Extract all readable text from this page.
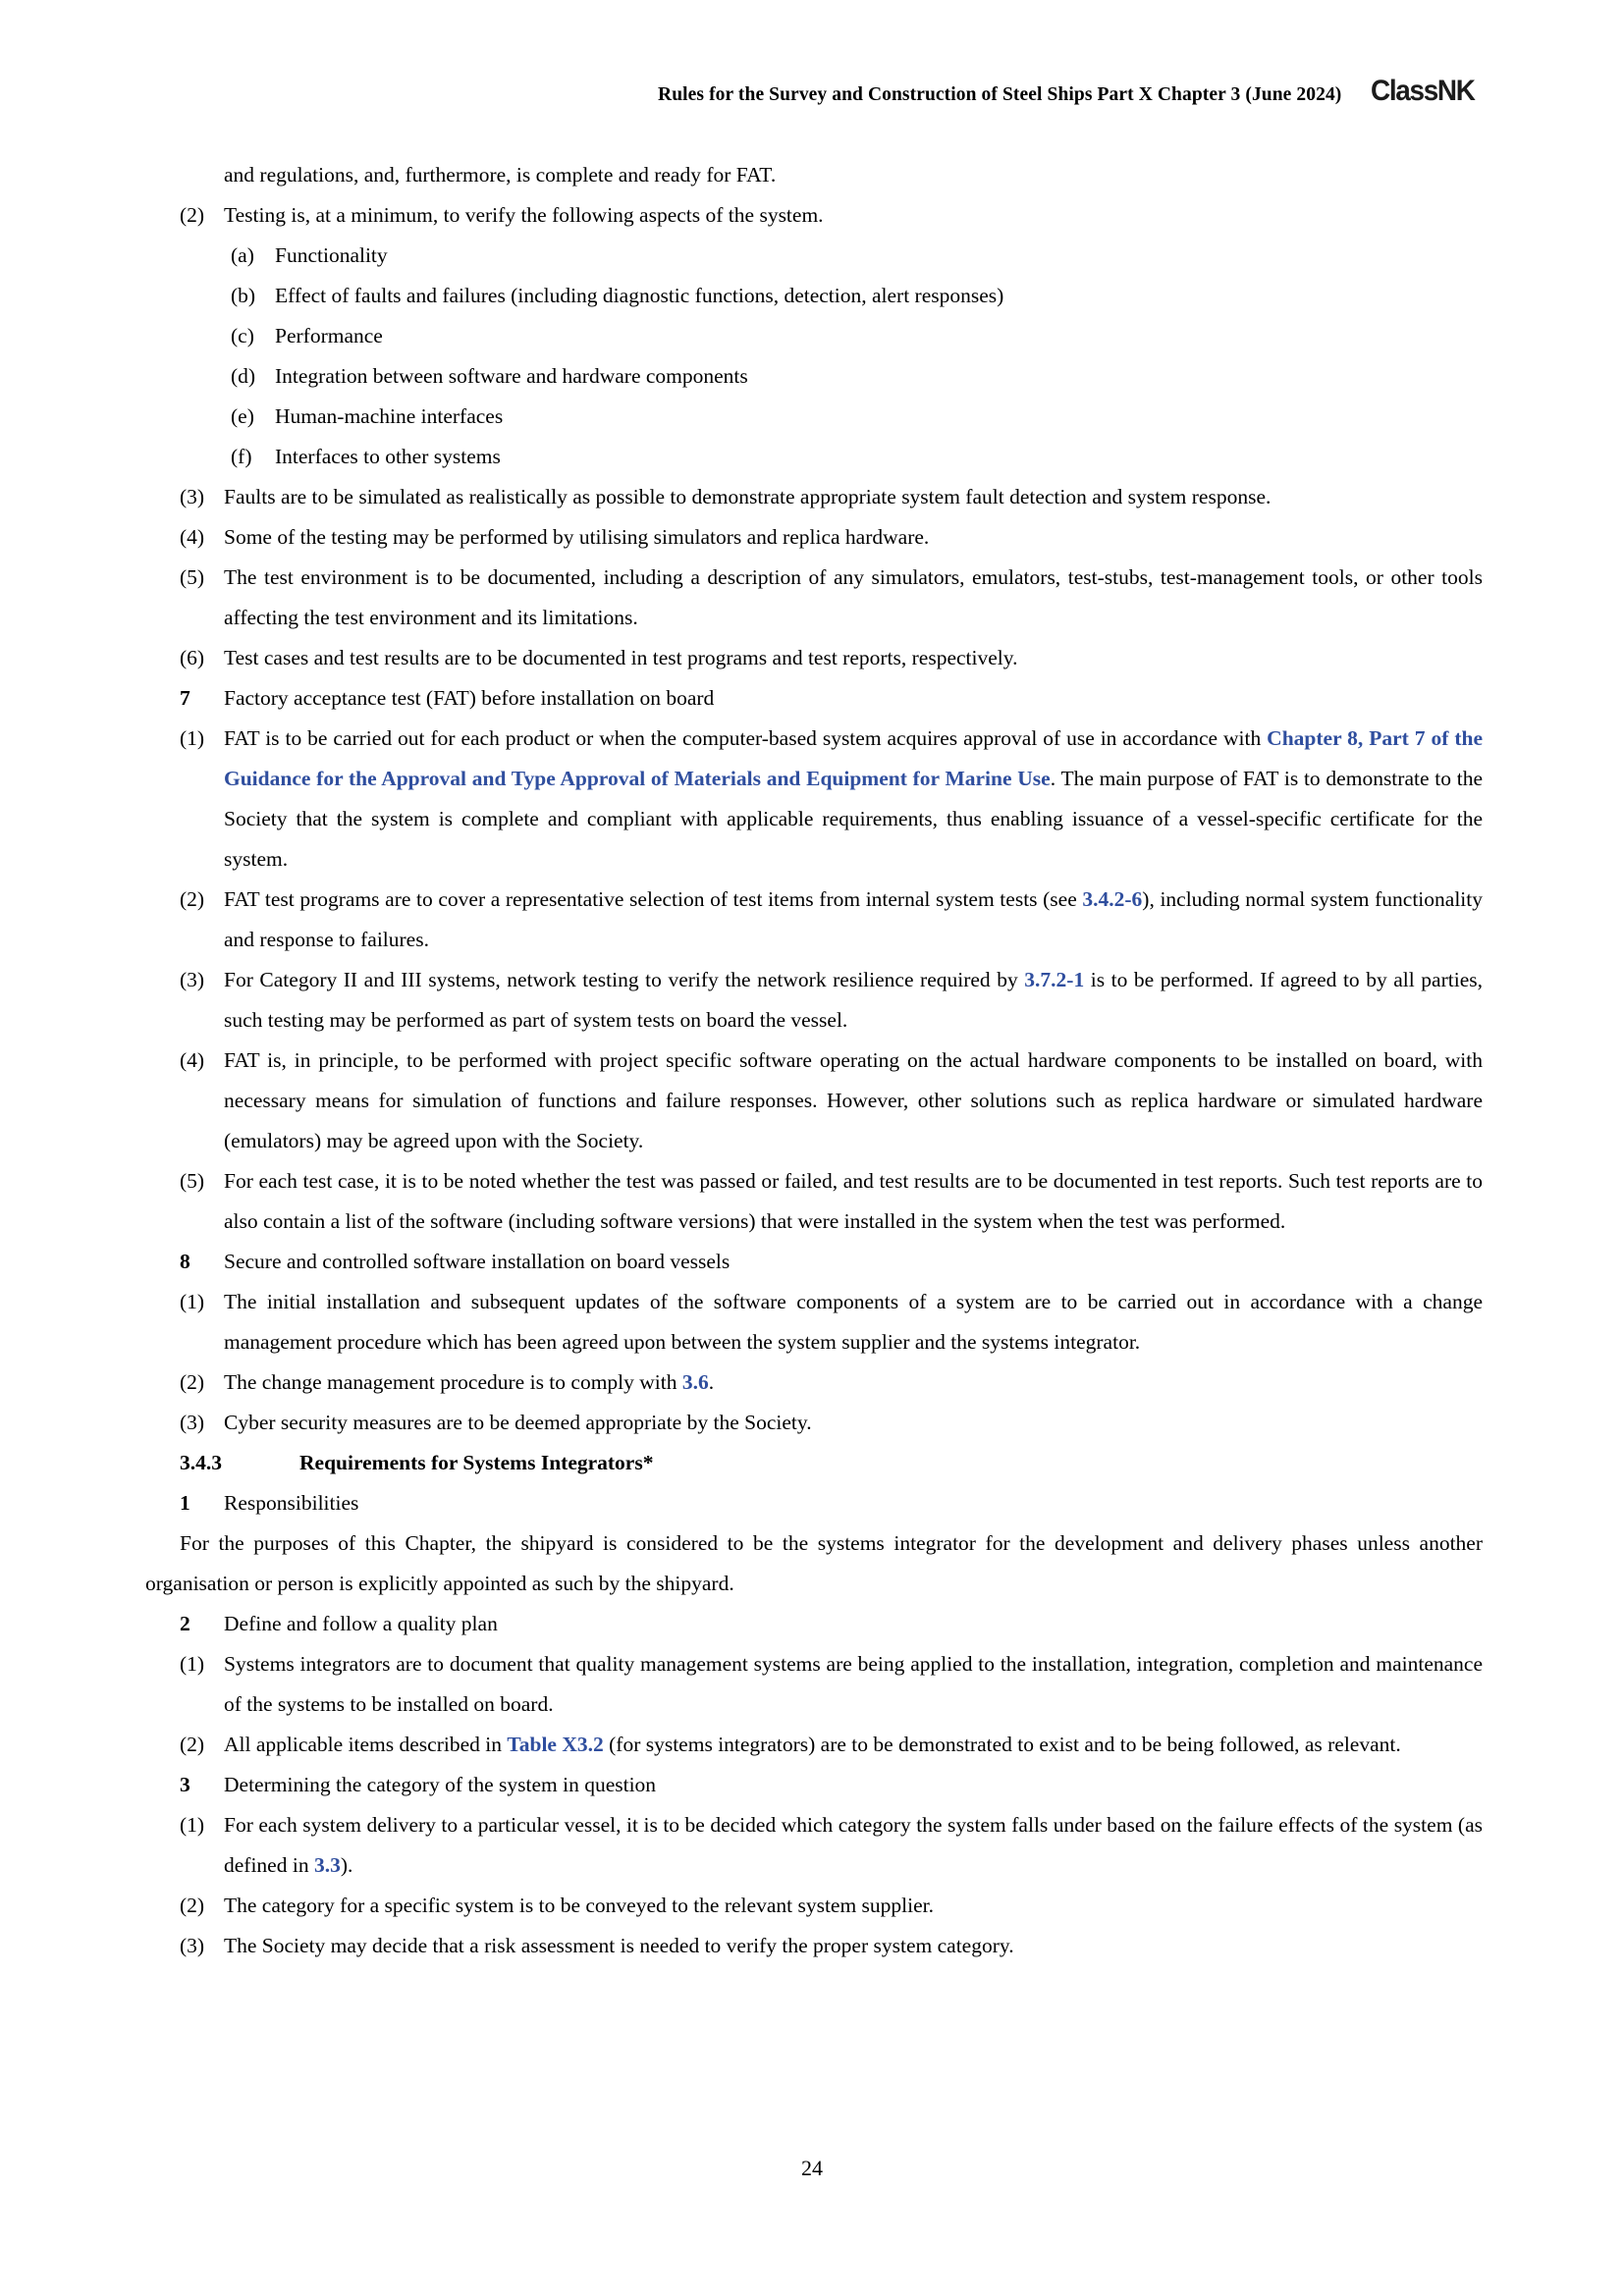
Rules for the Survey and Construction of Steel Ships Part X Chapter 3 (June 2024) ClassNK
and regulations, and, furthermore, is complete and ready for FAT.
(2) Testing is, at a minimum, to verify the following aspects of the system.
(a) Functionality
(b) Effect of faults and failures (including diagnostic functions, detection, alert responses)
(c) Performance
(d) Integration between software and hardware components
(e) Human-machine interfaces
(f)	Interfaces to other systems
(3) Faults are to be simulated as realistically as possible to demonstrate appropriate system fault detection and system response.
(4) Some of the testing may be performed by utilising simulators and replica hardware.
(5) The test environment is to be documented, including a description of any simulators, emulators, test-stubs, test-management tools, or other tools affecting the test environment and its limitations.
(6) Test cases and test results are to be documented in test programs and test reports, respectively.
7	Factory acceptance test (FAT) before installation on board
(1) FAT is to be carried out for each product or when the computer-based system acquires approval of use in accordance with Chapter 8, Part 7 of the Guidance for the Approval and Type Approval of Materials and Equipment for Marine Use. The main purpose of FAT is to demonstrate to the Society that the system is complete and compliant with applicable requirements, thus enabling issuance of a vessel-specific certificate for the system.
(2) FAT test programs are to cover a representative selection of test items from internal system tests (see 3.4.2-6), including normal system functionality and response to failures.
(3) For Category II and III systems, network testing to verify the network resilience required by 3.7.2-1 is to be performed. If agreed to by all parties, such testing may be performed as part of system tests on board the vessel.
(4) FAT is, in principle, to be performed with project specific software operating on the actual hardware components to be installed on board, with necessary means for simulation of functions and failure responses. However, other solutions such as replica hardware or simulated hardware (emulators) may be agreed upon with the Society.
(5) For each test case, it is to be noted whether the test was passed or failed, and test results are to be documented in test reports. Such test reports are to also contain a list of the software (including software versions) that were installed in the system when the test was performed.
8	Secure and controlled software installation on board vessels
(1) The initial installation and subsequent updates of the software components of a system are to be carried out in accordance with a change management procedure which has been agreed upon between the system supplier and the systems integrator.
(2) The change management procedure is to comply with 3.6.
(3) Cyber security measures are to be deemed appropriate by the Society.
3.4.3	Requirements for Systems Integrators*
1	Responsibilities
For the purposes of this Chapter, the shipyard is considered to be the systems integrator for the development and delivery phases unless another organisation or person is explicitly appointed as such by the shipyard.
2	Define and follow a quality plan
(1) Systems integrators are to document that quality management systems are being applied to the installation, integration, completion and maintenance of the systems to be installed on board.
(2) All applicable items described in Table X3.2 (for systems integrators) are to be demonstrated to exist and to be being followed, as relevant.
3	Determining the category of the system in question
(1) For each system delivery to a particular vessel, it is to be decided which category the system falls under based on the failure effects of the system (as defined in 3.3).
(2) The category for a specific system is to be conveyed to the relevant system supplier.
(3) The Society may decide that a risk assessment is needed to verify the proper system category.
24
